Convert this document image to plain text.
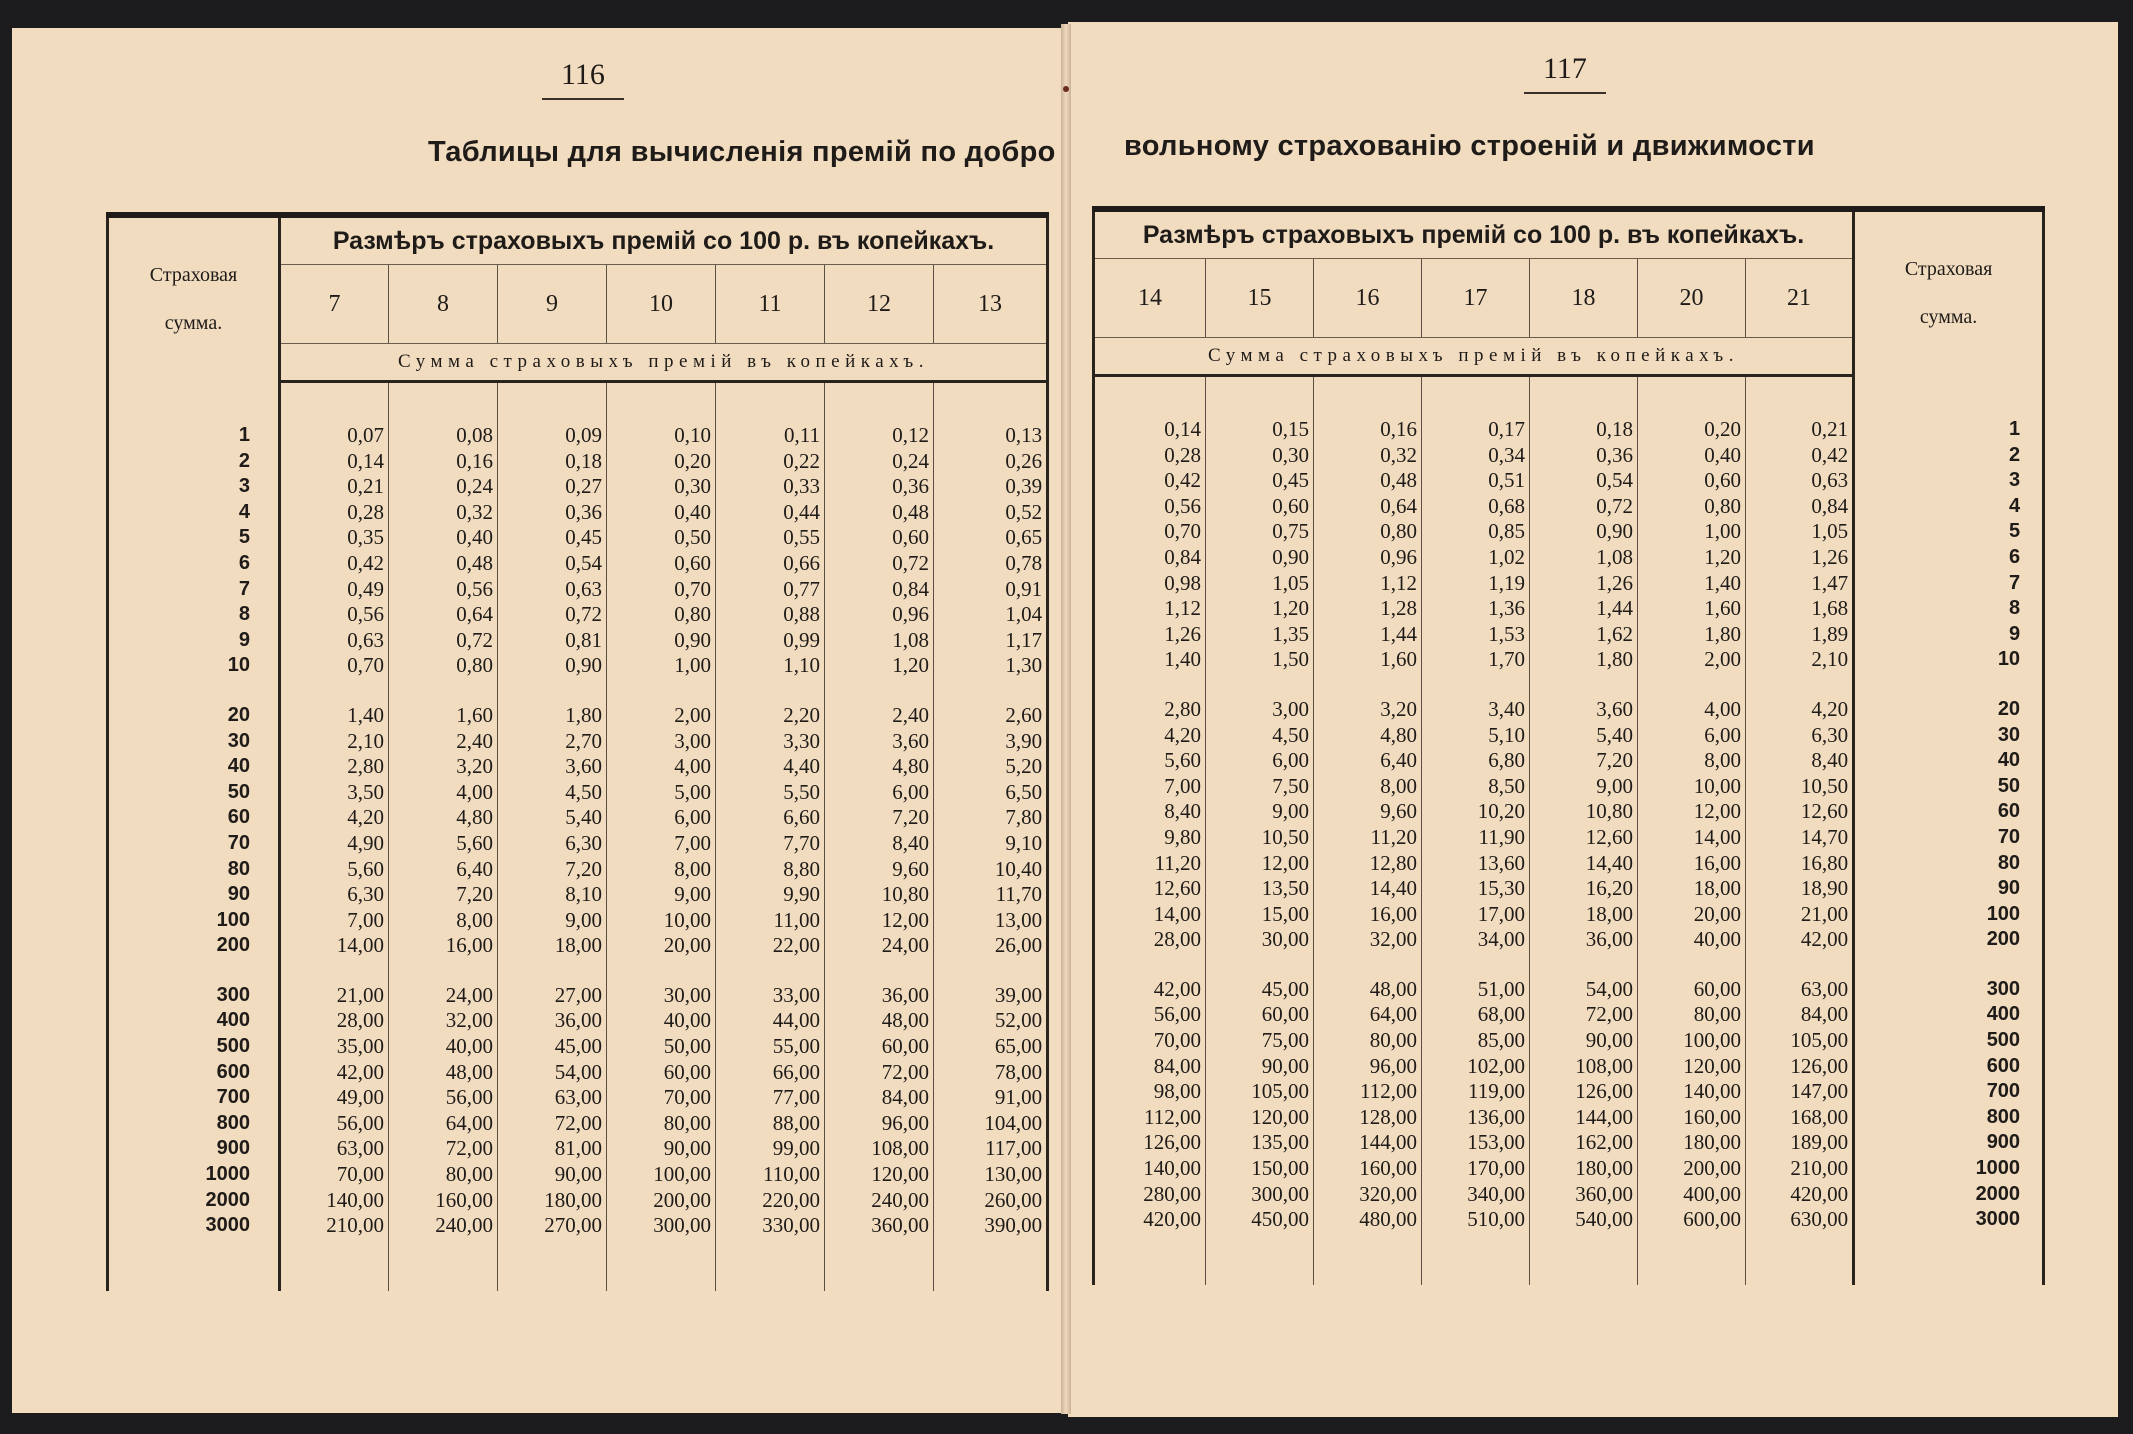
116	117
Таблицы для вычисленія премій по добро вольному страхованію строеній и движимости
Страховая сумма.	Размѣръ страховыхъ премій со 100 р. въ копейкахъ.						
	7	8	9	10	11	12	13
	Сумма страховыхъ премій въ копейкахъ.						

1	0,07	0,08	0,09	0,10	0,11	0,12	0,13
2	0,14	0,16	0,18	0,20	0,22	0,24	0,26
3	0,21	0,24	0,27	0,30	0,33	0,36	0,39
4	0,28	0,32	0,36	0,40	0,44	0,48	0,52
5	0,35	0,40	0,45	0,50	0,55	0,60	0,65
6	0,42	0,48	0,54	0,60	0,66	0,72	0,78
7	0,49	0,56	0,63	0,70	0,77	0,84	0,91
8	0,56	0,64	0,72	0,80	0,88	0,96	1,04
9	0,63	0,72	0,81	0,90	0,99	1,08	1,17
10	0,70	0,80	0,90	1,00	1,10	1,20	1,30

20	1,40	1,60	1,80	2,00	2,20	2,40	2,60
30	2,10	2,40	2,70	3,00	3,30	3,60	3,90
40	2,80	3,20	3,60	4,00	4,40	4,80	5,20
50	3,50	4,00	4,50	5,00	5,50	6,00	6,50
60	4,20	4,80	5,40	6,00	6,60	7,20	7,80
70	4,90	5,60	6,30	7,00	7,70	8,40	9,10
80	5,60	6,40	7,20	8,00	8,80	9,60	10,40
90	6,30	7,20	8,10	9,00	9,90	10,80	11,70
100	7,00	8,00	9,00	10,00	11,00	12,00	13,00
200	14,00	16,00	18,00	20,00	22,00	24,00	26,00

300	21,00	24,00	27,00	30,00	33,00	36,00	39,00
400	28,00	32,00	36,00	40,00	44,00	48,00	52,00
500	35,00	40,00	45,00	50,00	55,00	60,00	65,00
600	42,00	48,00	54,00	60,00	66,00	72,00	78,00
700	49,00	56,00	63,00	70,00	77,00	84,00	91,00
800	56,00	64,00	72,00	80,00	88,00	96,00	104,00
900	63,00	72,00	81,00	90,00	99,00	108,00	117,00
1000	70,00	80,00	90,00	100,00	110,00	120,00	130,00
2000	140,00	160,00	180,00	200,00	220,00	240,00	260,00
3000	210,00	240,00	270,00	300,00	330,00	360,00	390,00

Размѣръ страховыхъ премій со 100 р. въ копейкахъ.							Страховая сумма.
14	15	16	17	18	20	21	
Сумма страховыхъ премій въ копейкахъ.							

0,14	0,15	0,16	0,17	0,18	0,20	0,21	1
0,28	0,30	0,32	0,34	0,36	0,40	0,42	2
0,42	0,45	0,48	0,51	0,54	0,60	0,63	3
0,56	0,60	0,64	0,68	0,72	0,80	0,84	4
0,70	0,75	0,80	0,85	0,90	1,00	1,05	5
0,84	0,90	0,96	1,02	1,08	1,20	1,26	6
0,98	1,05	1,12	1,19	1,26	1,40	1,47	7
1,12	1,20	1,28	1,36	1,44	1,60	1,68	8
1,26	1,35	1,44	1,53	1,62	1,80	1,89	9
1,40	1,50	1,60	1,70	1,80	2,00	2,10	10

2,80	3,00	3,20	3,40	3,60	4,00	4,20	20
4,20	4,50	4,80	5,10	5,40	6,00	6,30	30
5,60	6,00	6,40	6,80	7,20	8,00	8,40	40
7,00	7,50	8,00	8,50	9,00	10,00	10,50	50
8,40	9,00	9,60	10,20	10,80	12,00	12,60	60
9,80	10,50	11,20	11,90	12,60	14,00	14,70	70
11,20	12,00	12,80	13,60	14,40	16,00	16,80	80
12,60	13,50	14,40	15,30	16,20	18,00	18,90	90
14,00	15,00	16,00	17,00	18,00	20,00	21,00	100
28,00	30,00	32,00	34,00	36,00	40,00	42,00	200

42,00	45,00	48,00	51,00	54,00	60,00	63,00	300
56,00	60,00	64,00	68,00	72,00	80,00	84,00	400
70,00	75,00	80,00	85,00	90,00	100,00	105,00	500
84,00	90,00	96,00	102,00	108,00	120,00	126,00	600
98,00	105,00	112,00	119,00	126,00	140,00	147,00	700
112,00	120,00	128,00	136,00	144,00	160,00	168,00	800
126,00	135,00	144,00	153,00	162,00	180,00	189,00	900
140,00	150,00	160,00	170,00	180,00	200,00	210,00	1000
280,00	300,00	320,00	340,00	360,00	400,00	420,00	2000
420,00	450,00	480,00	510,00	540,00	600,00	630,00	3000
